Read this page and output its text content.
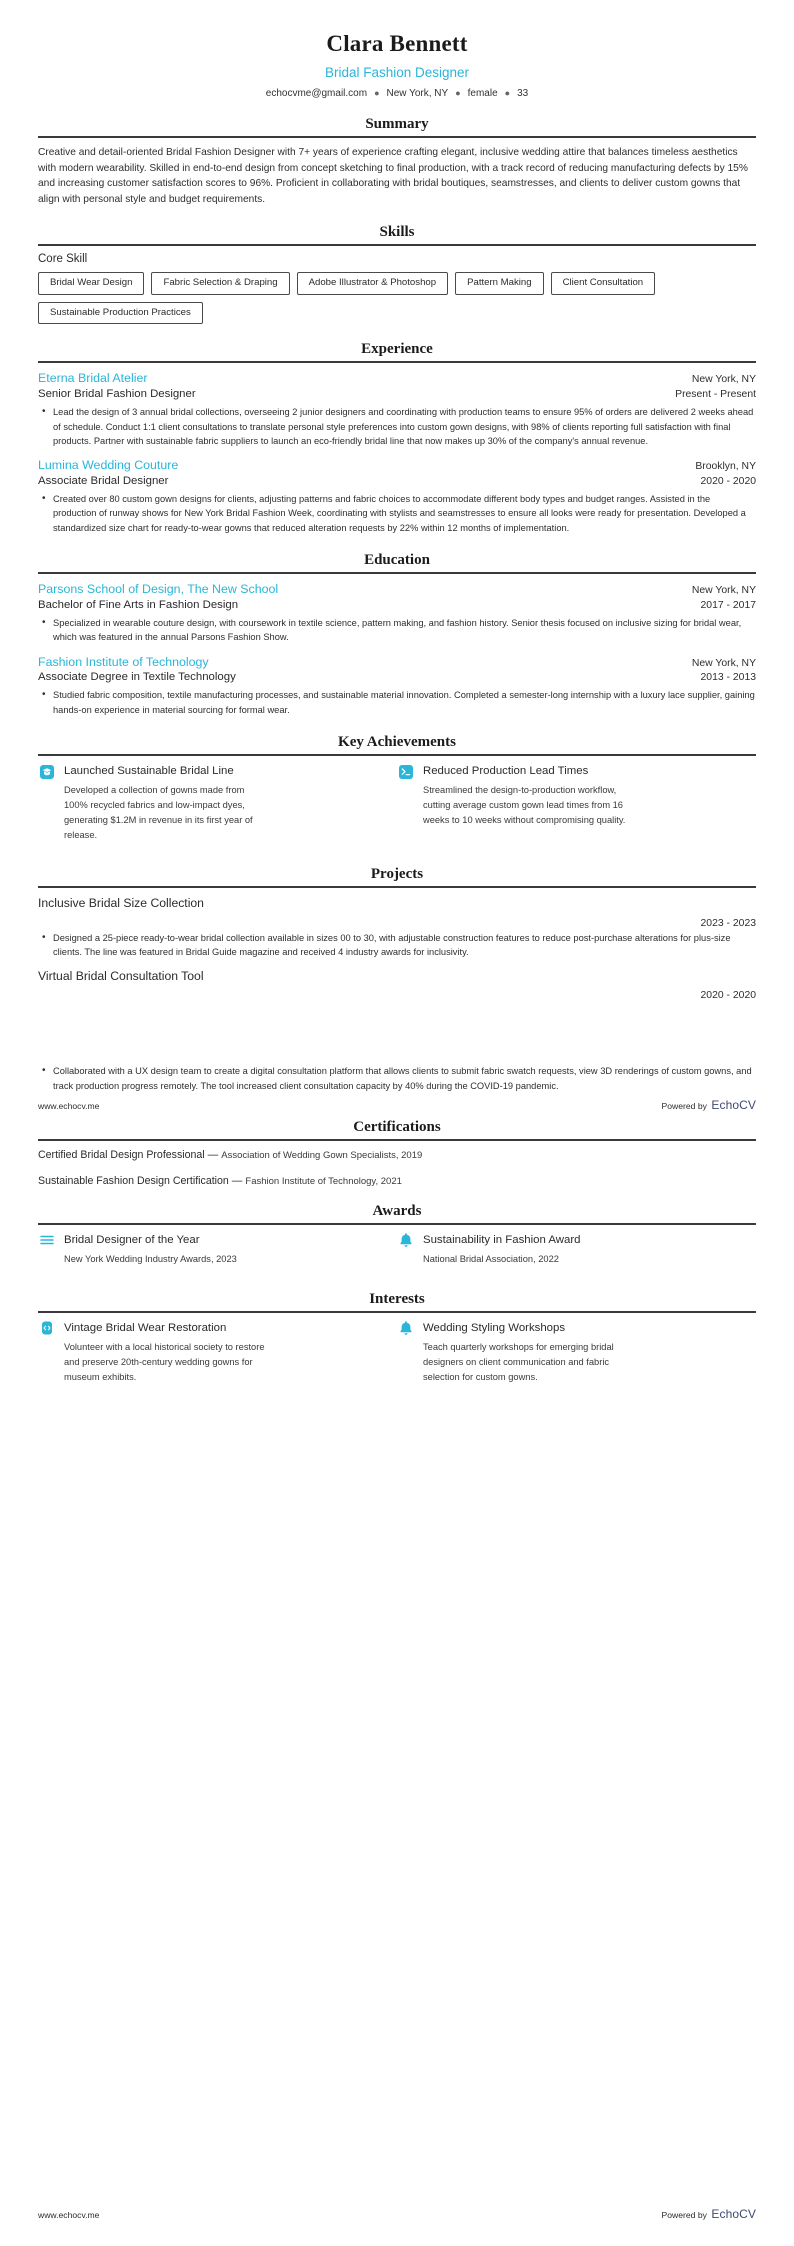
Clara Bennett
Bridal Fashion Designer
echocvme@gmail.com ● New York, NY ● female ● 33
Summary
Creative and detail-oriented Bridal Fashion Designer with 7+ years of experience crafting elegant, inclusive wedding attire that balances timeless aesthetics with modern wearability. Skilled in end-to-end design from concept sketching to final production, with a track record of reducing manufacturing defects by 15% and increasing customer satisfaction scores to 96%. Proficient in collaborating with bridal boutiques, seamstresses, and clients to deliver custom gowns that align with personal style and budget requirements.
Skills
Core Skill
Bridal Wear Design	Fabric Selection & Draping	Adobe Illustrator & Photoshop	Pattern Making	Client Consultation
Sustainable Production Practices
Experience
Eterna Bridal Atelier	New York, NY
Senior Bridal Fashion Designer	Present - Present
• Lead the design of 3 annual bridal collections, overseeing 2 junior designers and coordinating with production teams to ensure 95% of orders are delivered 2 weeks ahead of schedule. Conduct 1:1 client consultations to translate personal style preferences into custom gown designs, with 98% of clients reporting full satisfaction with final products. Partner with sustainable fabric suppliers to launch an eco-friendly bridal line that now makes up 30% of the company's annual revenue.
Lumina Wedding Couture	Brooklyn, NY
Associate Bridal Designer	2020 - 2020
• Created over 80 custom gown designs for clients, adjusting patterns and fabric choices to accommodate different body types and budget ranges. Assisted in the production of runway shows for New York Bridal Fashion Week, coordinating with stylists and seamstresses to ensure all looks were ready for presentation. Developed a standardized size chart for ready-to-wear gowns that reduced alteration requests by 22% within 12 months of implementation.
Education
Parsons School of Design, The New School	New York, NY
Bachelor of Fine Arts in Fashion Design	2017 - 2017
• Specialized in wearable couture design, with coursework in textile science, pattern making, and fashion history. Senior thesis focused on inclusive sizing for bridal wear, which was featured in the annual Parsons Fashion Show.
Fashion Institute of Technology	New York, NY
Associate Degree in Textile Technology	2013 - 2013
• Studied fabric composition, textile manufacturing processes, and sustainable material innovation. Completed a semester-long internship with a luxury lace supplier, gaining hands-on experience in material sourcing for formal wear.
Key Achievements
Launched Sustainable Bridal Line
Developed a collection of gowns made from 100% recycled fabrics and low-impact dyes, generating $1.2M in revenue in its first year of release.
Reduced Production Lead Times
Streamlined the design-to-production workflow, cutting average custom gown lead times from 16 weeks to 10 weeks without compromising quality.
Projects
Inclusive Bridal Size Collection
2023 - 2023
• Designed a 25-piece ready-to-wear bridal collection available in sizes 00 to 30, with adjustable construction features to reduce post-purchase alterations for plus-size clients. The line was featured in Bridal Guide magazine and received 4 industry awards for inclusivity.
Virtual Bridal Consultation Tool
2020 - 2020
www.echocv.me	Powered by EchoCV
• Collaborated with a UX design team to create a digital consultation platform that allows clients to submit fabric swatch requests, view 3D renderings of custom gowns, and track production progress remotely. The tool increased client consultation capacity by 40% during the COVID-19 pandemic.
Certifications
Certified Bridal Design Professional — Association of Wedding Gown Specialists, 2019
Sustainable Fashion Design Certification — Fashion Institute of Technology, 2021
Awards
Bridal Designer of the Year
New York Wedding Industry Awards, 2023
Sustainability in Fashion Award
National Bridal Association, 2022
Interests
Vintage Bridal Wear Restoration
Volunteer with a local historical society to restore and preserve 20th-century wedding gowns for museum exhibits.
Wedding Styling Workshops
Teach quarterly workshops for emerging bridal designers on client communication and fabric selection for custom gowns.
www.echocv.me	Powered by EchoCV
